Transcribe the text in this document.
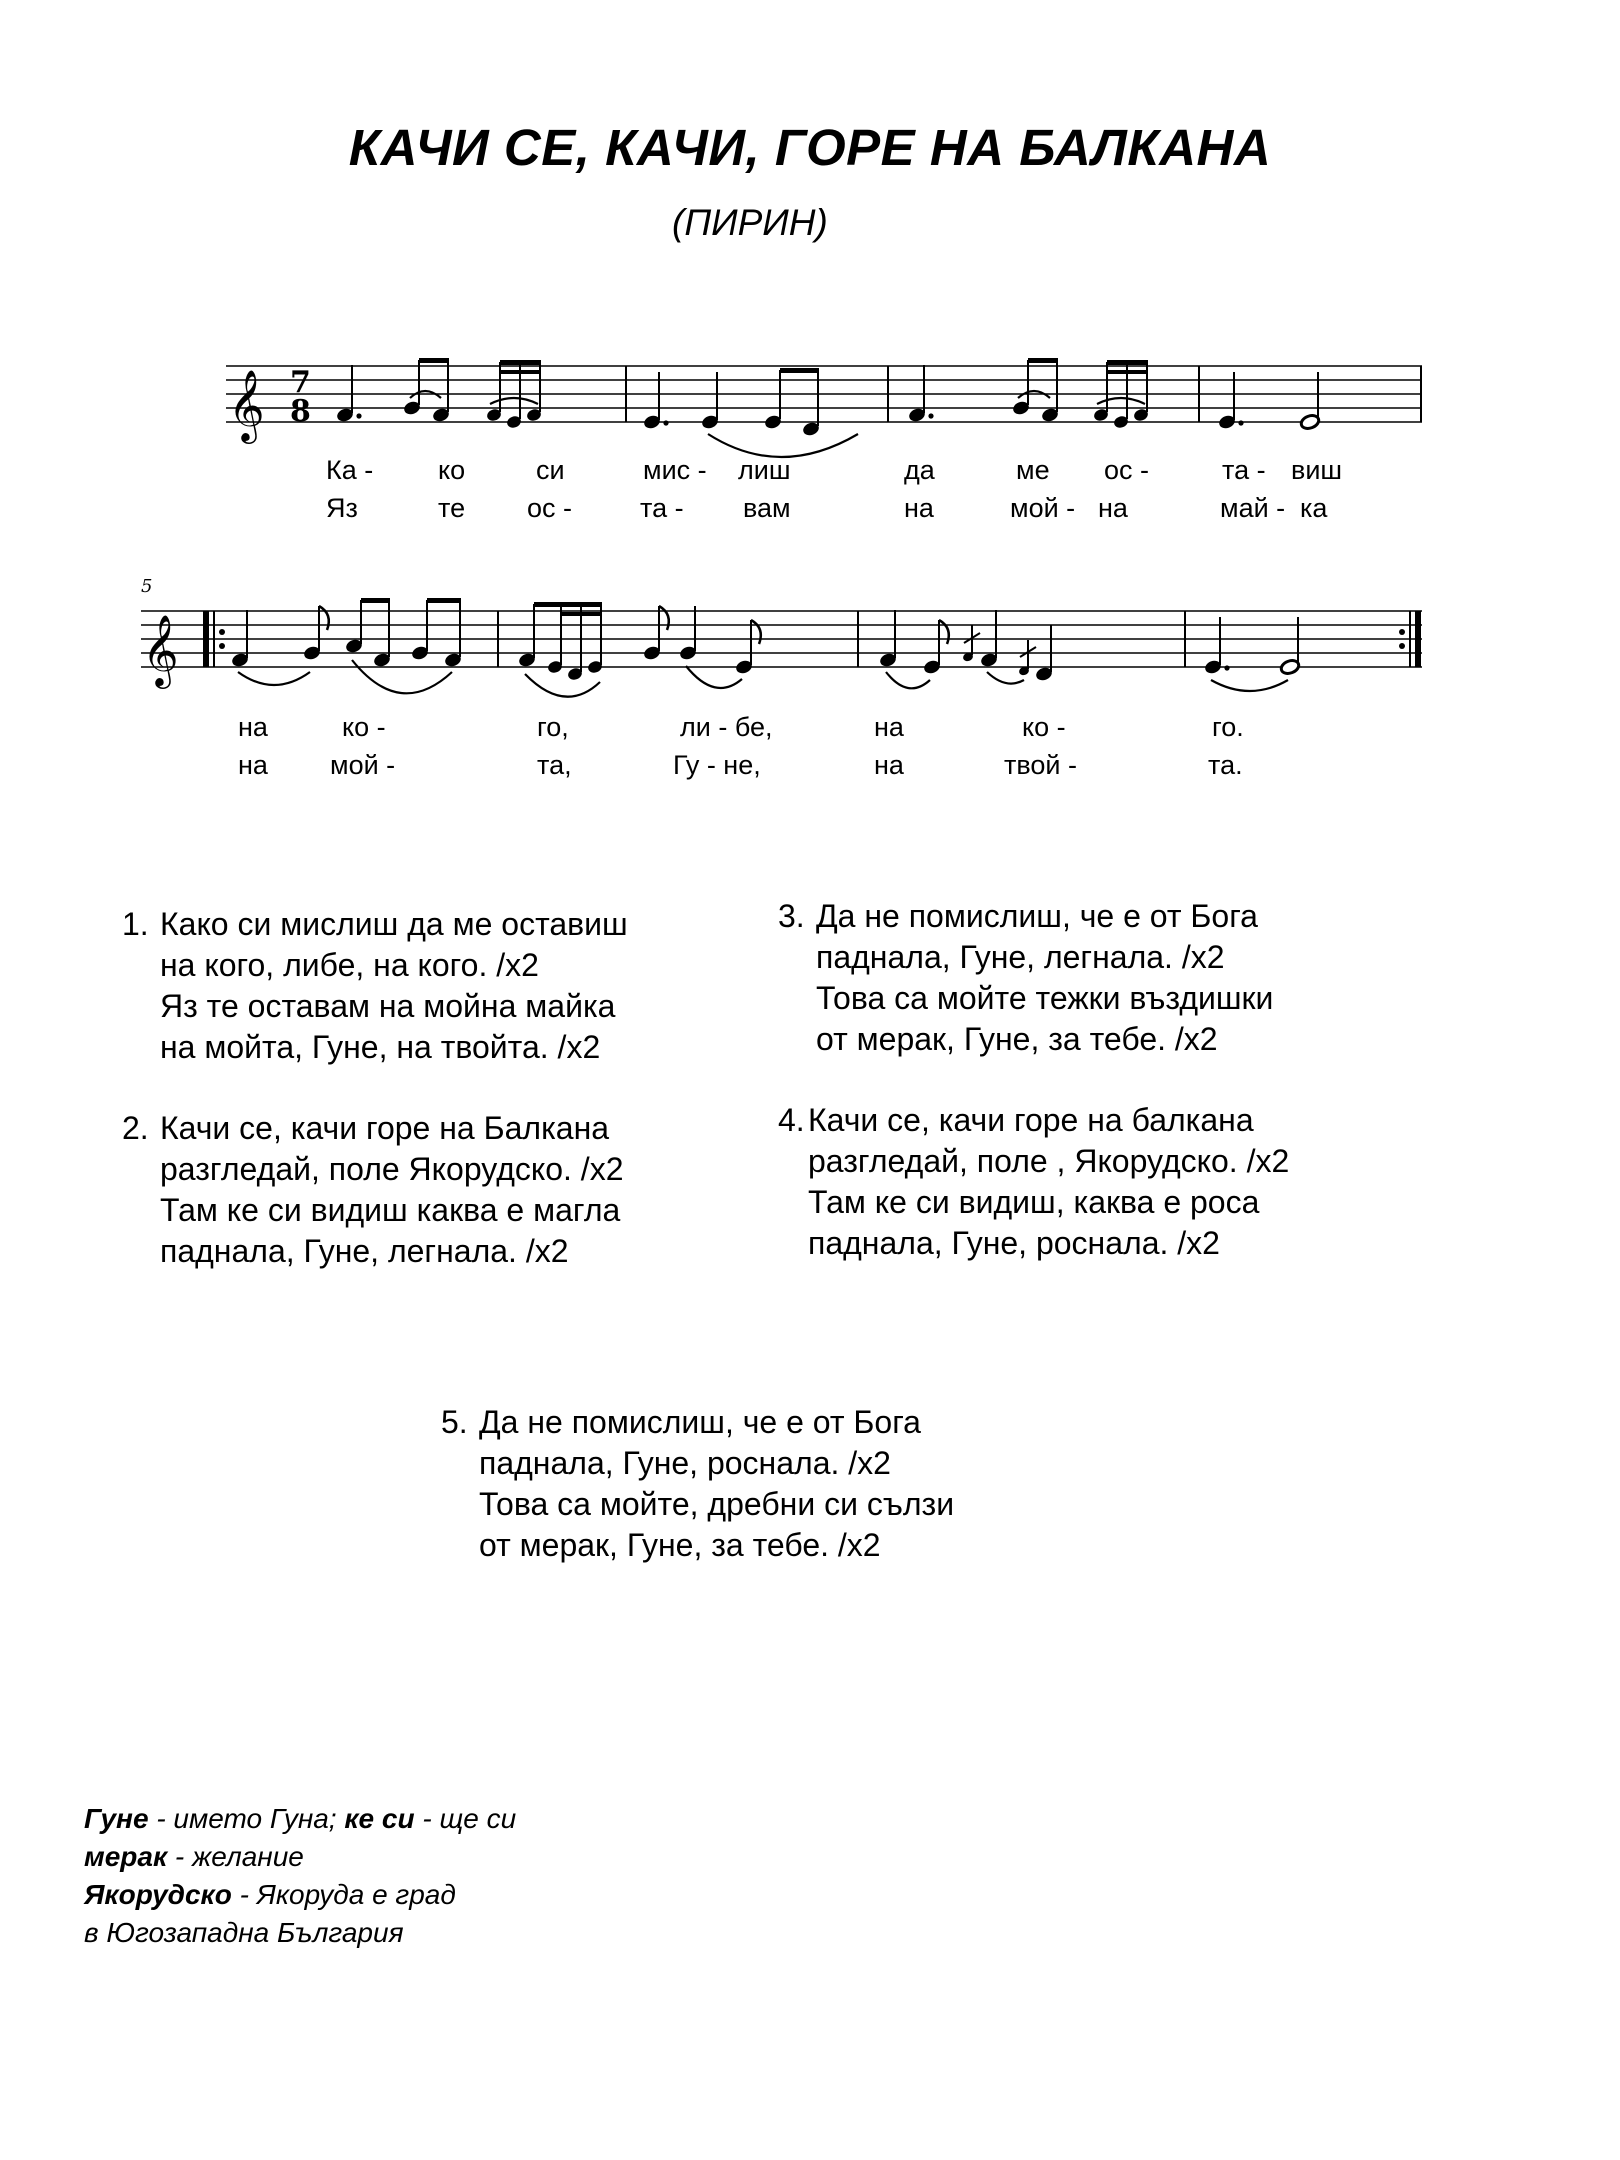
КАЧИ СЕ, КАЧИ, ГОРЕ НА БАЛКАНА
(ПИРИН)
𝄞 7
8
Ка - ко	си	мис - лиш	да	ме ос -	та - виш
Яз	те ос -	та - вам	на	мой - на	май - ка
5
𝄞
на	ко -	го,	ли - бе,	на	ко -	го.
на мой -	та,	Гу - не,	на	твой -	та.
1. Како си мислиш да ме оставиш
на кого, либе, на кого. /х2
Яз те оставам на мойна майка
на мойта, Гуне, на твойта. /х2
2. Качи се, качи горе на Балкана
разгледай, поле Якорудско. /х2
Там ке си видиш каква е магла
паднала, Гуне, легнала. /х2
3. Да не помислиш, че е от Бога
паднала, Гуне, легнала. /х2
Това са мойте тежки въздишки
от мерак, Гуне, за тебе. /х2
4. Качи се, качи горе на балкана
разгледай, поле , Якорудско. /х2
Там ке си видиш, каква е роса
паднала, Гуне, роснала. /х2
5. Да не помислиш, че е от Бога
паднала, Гуне, роснала. /х2
Това са мойте, дребни си сълзи
от мерак, Гуне, за тебе. /х2
Гуне - името Гуна; ке си - ще си
мерак - желание
Якорудско - Якоруда е град
в Югозападна България
